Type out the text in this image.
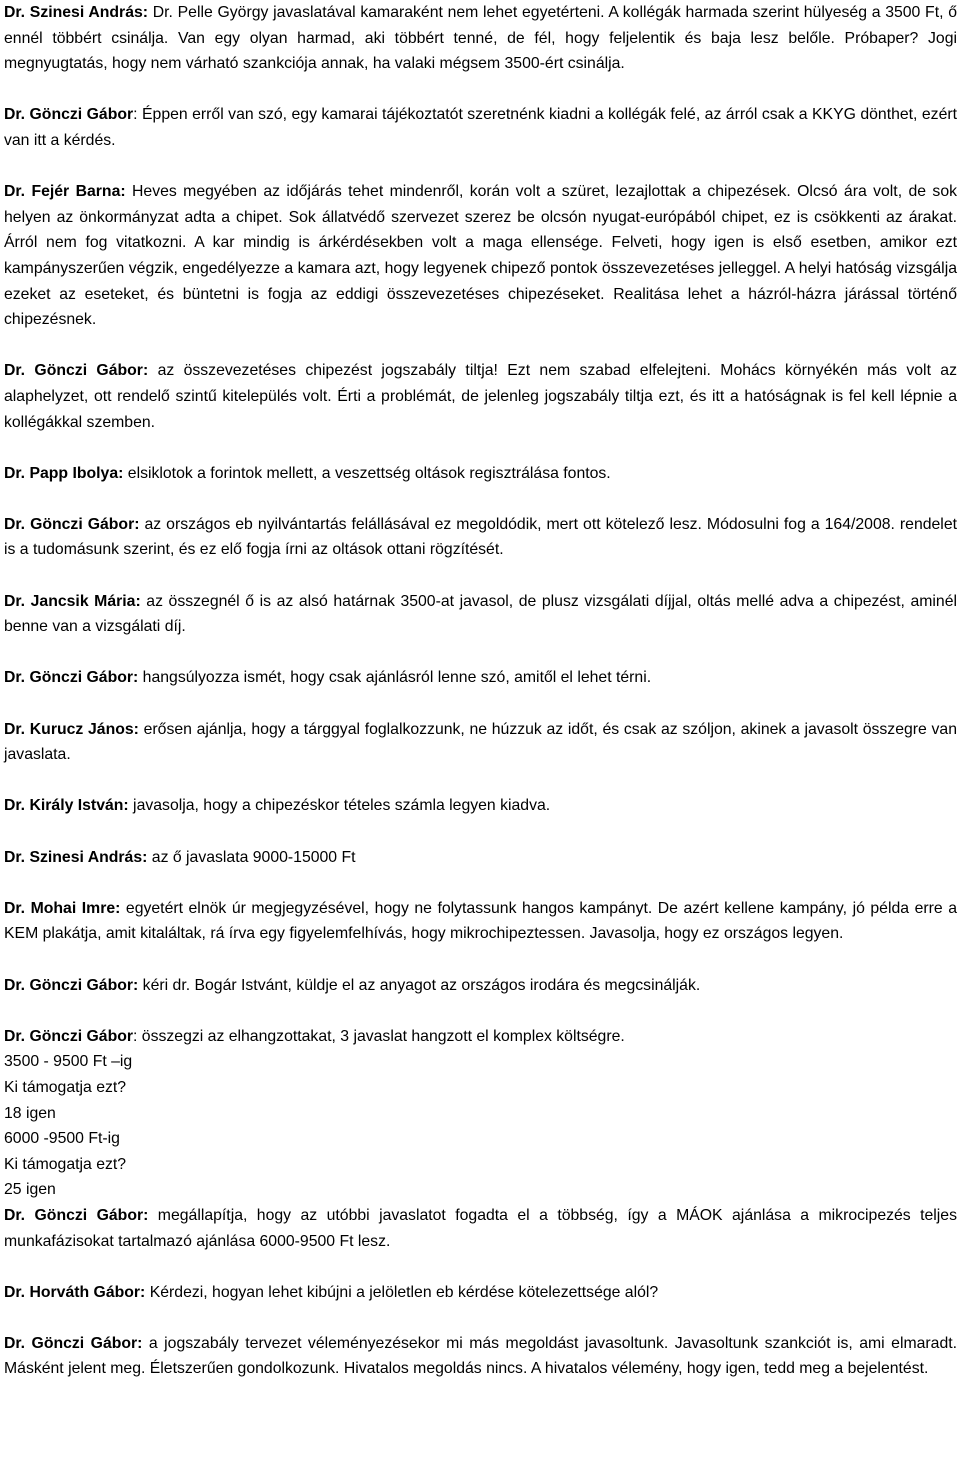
Dr. Szinesi András: Dr. Pelle György javaslatával kamaraként nem lehet egyetérteni. A kollégák harmada szerint hülyeség a 3500 Ft, ő ennél többért csinálja. Van egy olyan harmad, aki többért tenné, de fél, hogy feljelentik és baja lesz belőle. Próbaper? Jogi megnyugtatás, hogy nem várható szankciója annak, ha valaki mégsem 3500-ért csinálja.

Dr. Gönczi Gábor: Éppen erről van szó, egy kamarai tájékoztatót szeretnénk kiadni a kollégák felé, az árról csak a KKYG dönthet, ezért van itt a kérdés.

Dr. Fejér Barna: Heves megyében az időjárás tehet mindenről, korán volt a szüret, lezajlottak a chipezések. Olcsó ára volt, de sok helyen az önkormányzat adta a chipet. Sok állatvédő szervezet szerez be olcsón nyugat-európából chipet, ez is csökkenti az árakat. Árról nem fog vitatkozni. A kar mindig is árkérdésekben volt a maga ellensége. Felveti, hogy igen is első esetben, amikor ezt kampányszerűen végzik, engedélyezze a kamara azt, hogy legyenek chipező pontok összevezetéses jelleggel. A helyi hatóság vizsgálja ezeket az eseteket, és büntetni is fogja az eddigi összevezetéses chipezéseket. Realitása lehet a házról-házra járással történő chipezésnek.

Dr. Gönczi Gábor: az összevezetéses chipezést jogszabály tiltja! Ezt nem szabad elfelejteni. Mohács környékén más volt az alaphelyzet, ott rendelő szintű kitelepülés volt. Érti a problémát, de jelenleg jogszabály tiltja ezt, és itt a hatóságnak is fel kell lépnie a kollégákkal szemben.

Dr. Papp Ibolya: elsiklotok a forintok mellett, a veszettség oltások regisztrálása fontos.

Dr. Gönczi Gábor: az országos eb nyilvántartás felállásával ez megoldódik, mert ott kötelező lesz. Módosulni fog a 164/2008. rendelet is a tudomásunk szerint, és ez elő fogja írni az oltások ottani rögzítését.

Dr. Jancsik Mária: az összegnél ő is az alsó határnak 3500-at javasol, de plusz vizsgálati díjjal, oltás mellé adva a chipezést, aminél benne van a vizsgálati díj.

Dr. Gönczi Gábor: hangsúlyozza ismét, hogy csak ajánlásról lenne szó, amitől el lehet térni.

Dr. Kurucz János: erősen ajánlja, hogy a tárggyal foglalkozzunk, ne húzzuk az időt, és csak az szóljon, akinek a javasolt összegre van javaslata.

Dr. Király István: javasolja, hogy a chipezéskor tételes számla legyen kiadva.

Dr. Szinesi András: az ő javaslata 9000-15000 Ft

Dr. Mohai Imre: egyetért elnök úr megjegyzésével, hogy ne folytassunk hangos kampányt. De azért kellene kampány, jó példa erre a KEM plakátja, amit kitaláltak, rá írva egy figyelemfelhívás, hogy mikrochipeztessen. Javasolja, hogy ez országos legyen.

Dr. Gönczi Gábor: kéri dr. Bogár Istvánt, küldje el az anyagot az országos irodára és megcsinálják.

Dr. Gönczi Gábor: összegzi az elhangzottakat, 3 javaslat hangzott el komplex költségre.
3500 - 9500 Ft –ig
Ki támogatja ezt?
18 igen
6000 -9500 Ft-ig
Ki támogatja ezt?
25 igen

Dr. Gönczi Gábor: megállapítja, hogy az utóbbi javaslatot fogadta el a többség, így a MÁOK ajánlása a mikrocipezés teljes munkafázisokat tartalmazó ajánlása 6000-9500 Ft lesz.

Dr. Horváth Gábor: Kérdezi, hogyan lehet kibújni a jelöletlen eb kérdése kötelezettsége alól?

Dr. Gönczi Gábor: a jogszabály tervezet véleményezésekor mi más megoldást javasoltunk. Javasoltunk szankciót is, ami elmaradt. Másként jelent meg. Életszerűen gondolkozunk. Hivatalos megoldás nincs. A hivatalos vélemény, hogy igen, tedd meg a bejelentést.
